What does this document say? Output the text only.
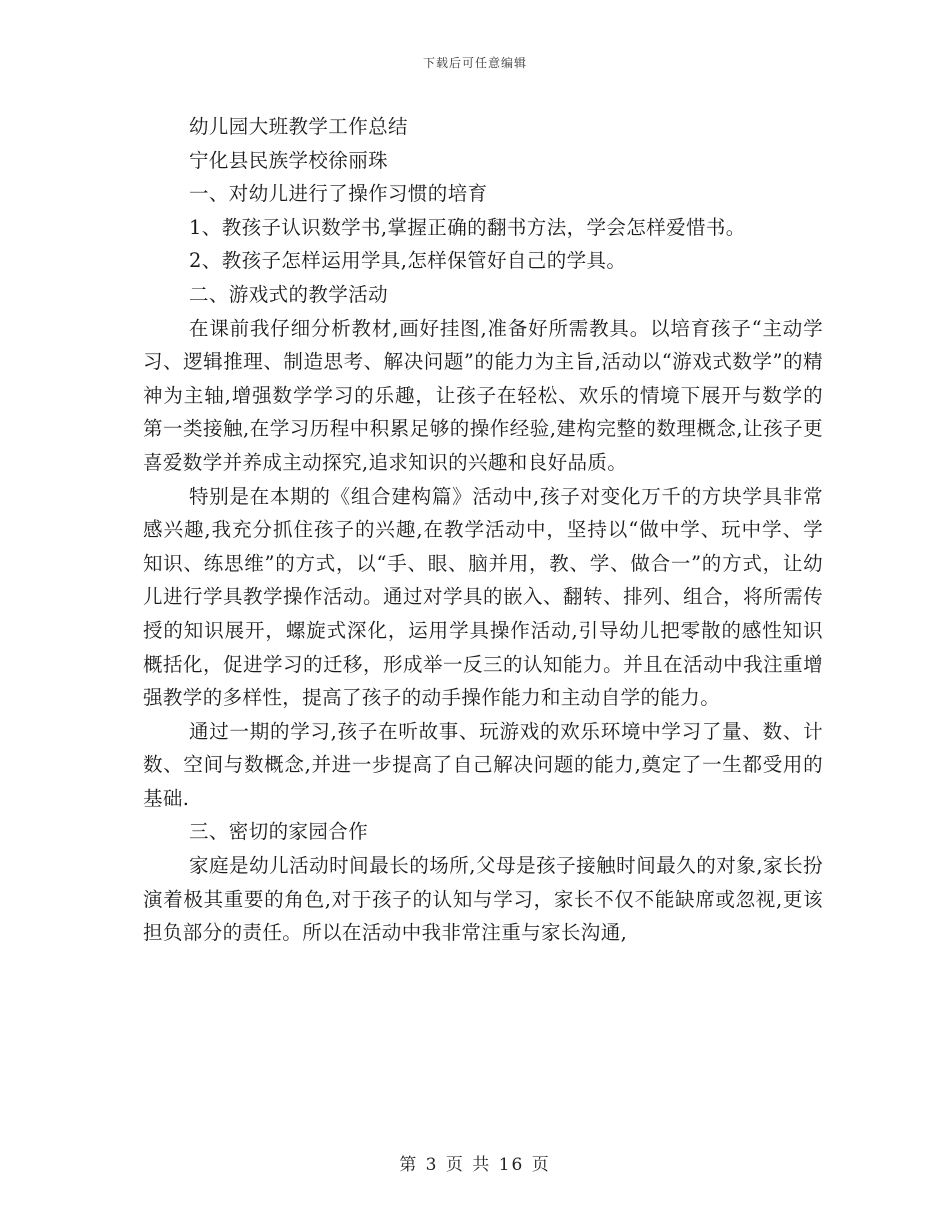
下载后可任意编辑

幼儿园大班教学工作总结

宁化县民族学校徐丽珠

一、对幼儿进行了操作习惯的培育

1、教孩子认识数学书,掌握正确的翻书方法，学会怎样爱惜书。

2、教孩子怎样运用学具,怎样保管好自己的学具。

二、游戏式的教学活动

在课前我仔细分析教材,画好挂图,准备好所需教具。以培育孩子“主动学习、逻辑推理、制造思考、解决问题”的能力为主旨,活动以“游戏式数学”的精神为主轴,增强数学学习的乐趣，让孩子在轻松、欢乐的情境下展开与数学的第一类接触,在学习历程中积累足够的操作经验,建构完整的数理概念,让孩子更喜爱数学并养成主动探究,追求知识的兴趣和良好品质。

特别是在本期的《组合建构篇》活动中,孩子对变化万千的方块学具非常感兴趣,我充分抓住孩子的兴趣,在教学活动中，坚持以“做中学、玩中学、学知识、练思维”的方式，以“手、眼、脑并用，教、学、做合一”的方式，让幼儿进行学具教学操作活动。通过对学具的嵌入、翻转、排列、组合，将所需传授的知识展开，螺旋式深化，运用学具操作活动,引导幼儿把零散的感性知识概括化，促进学习的迁移，形成举一反三的认知能力。并且在活动中我注重增强教学的多样性，提高了孩子的动手操作能力和主动自学的能力。

通过一期的学习,孩子在听故事、玩游戏的欢乐环境中学习了量、数、计数、空间与数概念,并进一步提高了自己解决问题的能力,奠定了一生都受用的基础.

三、密切的家园合作

家庭是幼儿活动时间最长的场所,父母是孩子接触时间最久的对象,家长扮演着极其重要的角色,对于孩子的认知与学习，家长不仅不能缺席或忽视,更该担负部分的责任。所以在活动中我非常注重与家长沟通,

第 3 页 共 16 页
